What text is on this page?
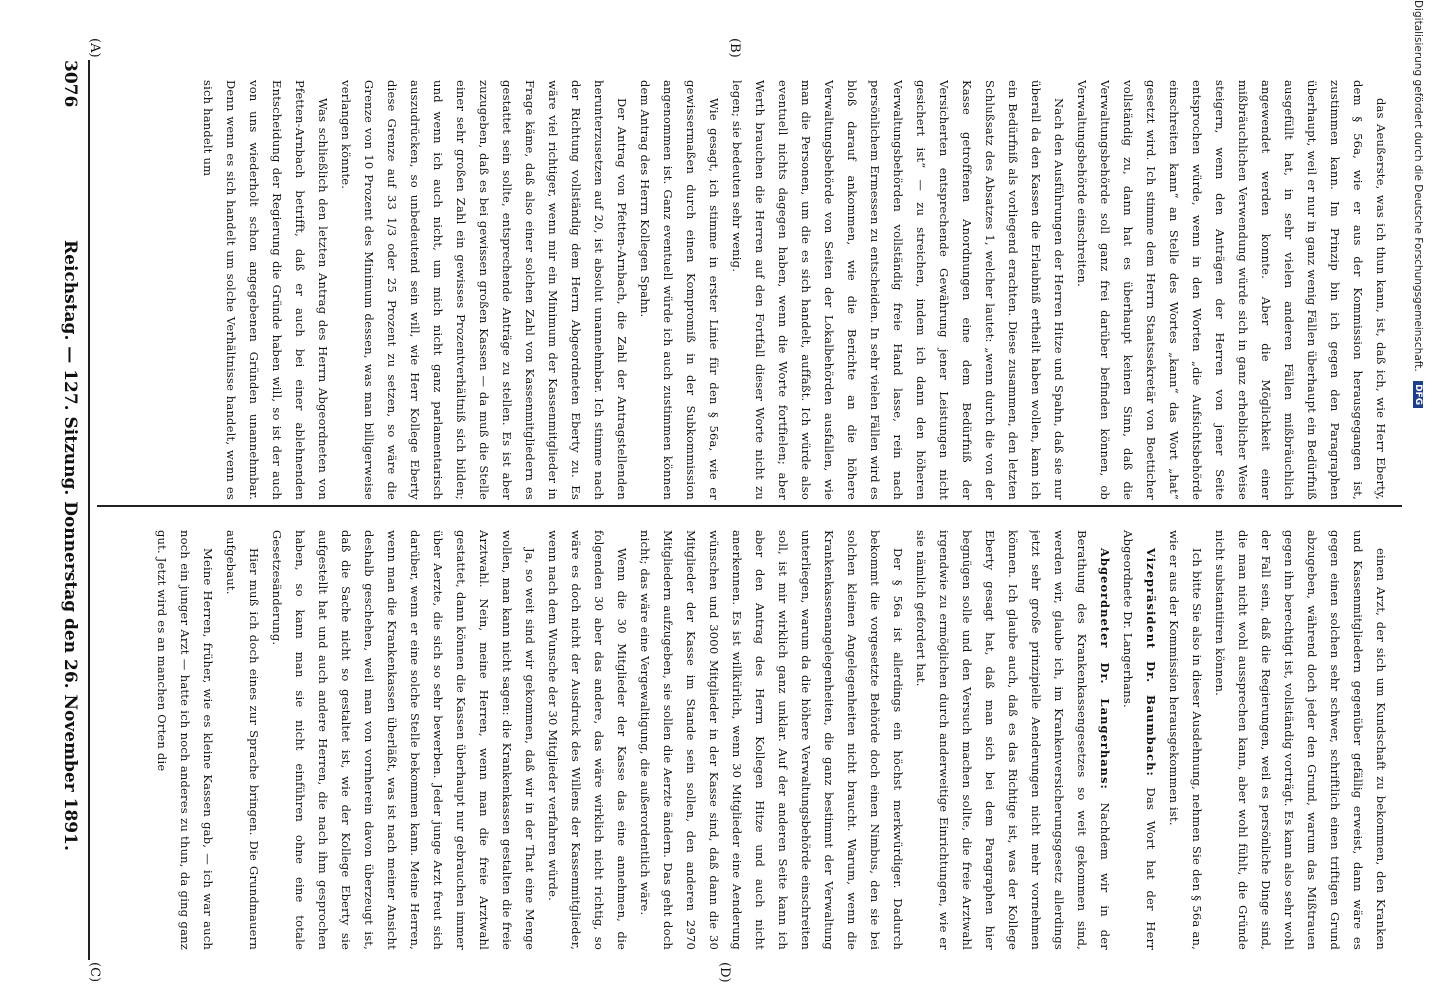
3076
Reichstag. — 127. Sitzung. Donnerstag den 26. November 1891.
(A)	(B)
(C)	(D)

das Aeußerste, was ich thun kann, ist, daß ich, wie Herr Eberty, dem § 56a, wie er aus der Kommission herausgegangen ist, zustimmen kann. Im Prinzip bin ich gegen den Paragraphen überhaupt, weil er nur in ganz wenig Fällen überhaupt ein Bedürfniß ausgefüllt hat, in sehr vielen anderen Fällen mißbräuchlich angewendet werden konnte. Aber die Möglichkeit einer mißbräuchlichen Verwendung würde sich in ganz erheblicher Weise steigern, wenn den Anträgen der Herren von jener Seite entsprochen würde, wenn in den Worten „die Aufsichtsbehörde einschreiten kann“ an Stelle des Wortes „kann“ das Wort „hat“ gesetzt wird. Ich stimme dem Herrn Staatssekretär von Boetticher vollständig zu, dann hat es überhaupt keinen Sinn, daß die Verwaltungsbehörde soll ganz frei darüber befinden können, ob Verwaltungsbehörde einschreiten.

Nach den Ausführungen der Herren Hitze und Spahn, daß sie nur überall da den Kassen die Erlaubniß ertheilt haben wollen, kann ich ein Bedürfniß als vorliegend erachten. Diese zusammen, den letzten Schlußsatz des Absatzes 1, welcher lautet: „wenn durch die von der Kasse getroffenen Anordnungen eine dem Bedürfniß der Versicherten entsprechende Gewährung jener Leistungen nicht gesichert ist“ — zu streichen, indem ich dann den höheren Verwaltungsbehörden vollständig freie Hand lasse, rein nach persönlichem Ermessen zu entscheiden. In sehr vielen Fällen wird es bloß darauf ankommen, wie die Berichte an die höhere Verwaltungsbehörde von Seiten der Lokalbehörden ausfallen, wie man die Personen, um die es sich handelt, auffaßt. Ich würde also eventuell nichts dagegen haben, wenn die Worte fortfielen; aber Werth brauchen die Herren auf den Fortfall dieser Worte nicht zu legen; sie bedeuten sehr wenig.

Wie gesagt, ich stimme in erster Linie für den § 56a, wie er gewissermaßen durch einen Kompromiß in der Subkommission angenommen ist. Ganz eventuell würde ich auch zustimmen können dem Antrag des Herrn Kollegen Spahn.

Der Antrag von Pfetten-Arnbach, die Zahl der Antragstellenden herunterzusetzen auf 20, ist absolut unannehmbar. Ich stimme nach der Richtung vollständig dem Herrn Abgeordneten Eberty zu. Es wäre viel richtiger, wenn mir ein Minimum der Kassenmitglieder in Frage käme, daß also einer solchen Zahl von Kassenmitgliedern es gestattet sein sollte, entsprechende Anträge zu stellen. Es ist aber zuzugeben, daß es bei gewissen großen Kassen — da muß die Stelle einer sehr großen Zahl ein gewisses Prozentverhältniß sich bilden; und wenn ich auch nicht, um mich nicht ganz parlamentarisch auszudrücken, so unbedeutend sein will, wie Herr Kollege Eberty diese Grenze auf 33 1/3 oder 25 Prozent zu setzen, so wäre die Grenze von 10 Prozent des Minimum dessen, was man billigerweise verlangen könnte.

Was schließlich den letzten Antrag des Herrn Abgeordneten von Pfetten-Arnbach betrifft, daß er auch bei einer ablehnenden Entscheidung der Regierung die Gründe haben will, so ist der auch von uns wiederholt schon angegebenen Gründen unannehmbar. Denn wenn es sich handelt um solche Verhältnisse handelt, wenn es sich handelt um

einen Arzt, der sich um Kundschaft zu bekommen, den Kranken und Kassenmitgliedern gegenüber gefällig erweist, dann wäre es gegen einen solchen sehr schwer, schriftlich einen triftigen Grund abzugeben, während doch jeder den Grund, warum das Mißtrauen gegen ihn berechtigt ist, vollständig vorträgt. Es kann also sehr wohl der Fall sein, daß die Regierungen, weil es persönliche Dinge sind, die man nicht wohl aussprechen kann, aber wohl fühlt, die Gründe nicht substantiiren können.

Ich bitte Sie also in dieser Ausdehnung, nehmen Sie den § 56a an, wie er aus der Kommission herausgekommen ist.

Vizepräsident Dr. Baumbach: Das Wort hat der Herr Abgeordnete Dr. Langerhans.

Abgeordneter Dr. Langerhans: Nachdem wir in der Berathung des Krankenkassengesetzes so weit gekommen sind, werden wir, glaube ich, im Krankenversicherungsgesetz allerdings jetzt sehr große prinzipielle Aenderungen nicht mehr vornehmen können. Ich glaube auch, daß es das Richtige ist, was der Kollege Eberty gesagt hat, daß man sich bei dem Paragraphen hier begnügen solle und den Versuch machen sollte, die freie Arztwahl irgendwie zu ermöglichen durch anderweitige Einrichtungen, wie er sie nämlich gefordert hat.

Der § 56a ist allerdings ein höchst merkwürdiger. Dadurch bekommt die vorgesetzte Behörde doch einen Nimbus, den sie bei solchen kleinen Angelegenheiten nicht braucht. Warum, wenn die Krankenkassenangelegenheiten, die ganz bestimmt der Verwaltung unterliegen, warum da die höhere Verwaltungsbehörde einschreiten soll, ist mir wirklich ganz unklar. Auf der anderen Seite kann ich aber den Antrag des Herrn Kollegen Hitze und auch nicht anerkennen. Es ist willkürlich, wenn 30 Mitglieder eine Aenderung wünschen und 3000 Mitglieder in der Kasse sind, daß dann die 30 Mitglieder der Kasse im Stande sein sollen, den anderen 2970 Mitgliedern aufzugeben, sie sollen die Aerzte ändern. Das geht doch nicht; das wäre eine Vergewaltigung, die außerordentlich wäre.

Wenn die 30 Mitglieder der Kasse das eine annehmen, die folgenden 30 aber das andere, das wäre wirklich nicht richtig, so wäre es doch nicht der Ausdruck des Willens der Kassenmitglieder, wenn nach dem Wunsche der 30 Mitglieder verfahren würde.

Ja, so weit sind wir gekommen, daß wir in der That eine Menge wollen, man kann nicht sagen: die Krankenkassen gestalten die freie Arztwahl. Nein, meine Herren, wenn man die freie Arztwahl gestattet, dann können die Kassen überhaupt nur gebrauchen immer über Aerzte, die sich so sehr bewerben. Jeder junge Arzt freut sich darüber, wenn er eine solche Stelle bekommen kann. Meine Herren, wenn man die Krankenkassen überläßt, was ist nach meiner Ansicht deshalb geschehen, weil man von vornherein davon überzeugt ist, daß die Sache nicht so gestaltet ist, wie der Kollege Eberty sie aufgestellt hat und auch andere Herren, die nach ihm gesprochen haben, so kann man sie nicht einführen ohne eine totale Gesetzesänderung.

Hier muß ich doch eines zur Sprache bringen. Die Grundmauern aufgebaut.

Meine Herren, früher, wie es kleine Kassen gab, — ich war auch noch ein junger Arzt — hatte ich noch anderes zu thun, da ging ganz gut. Jetzt wird es an manchen Orten die

Digitalisierung gefördert durch die Deutsche Forschungsgemeinschaft. DFG
